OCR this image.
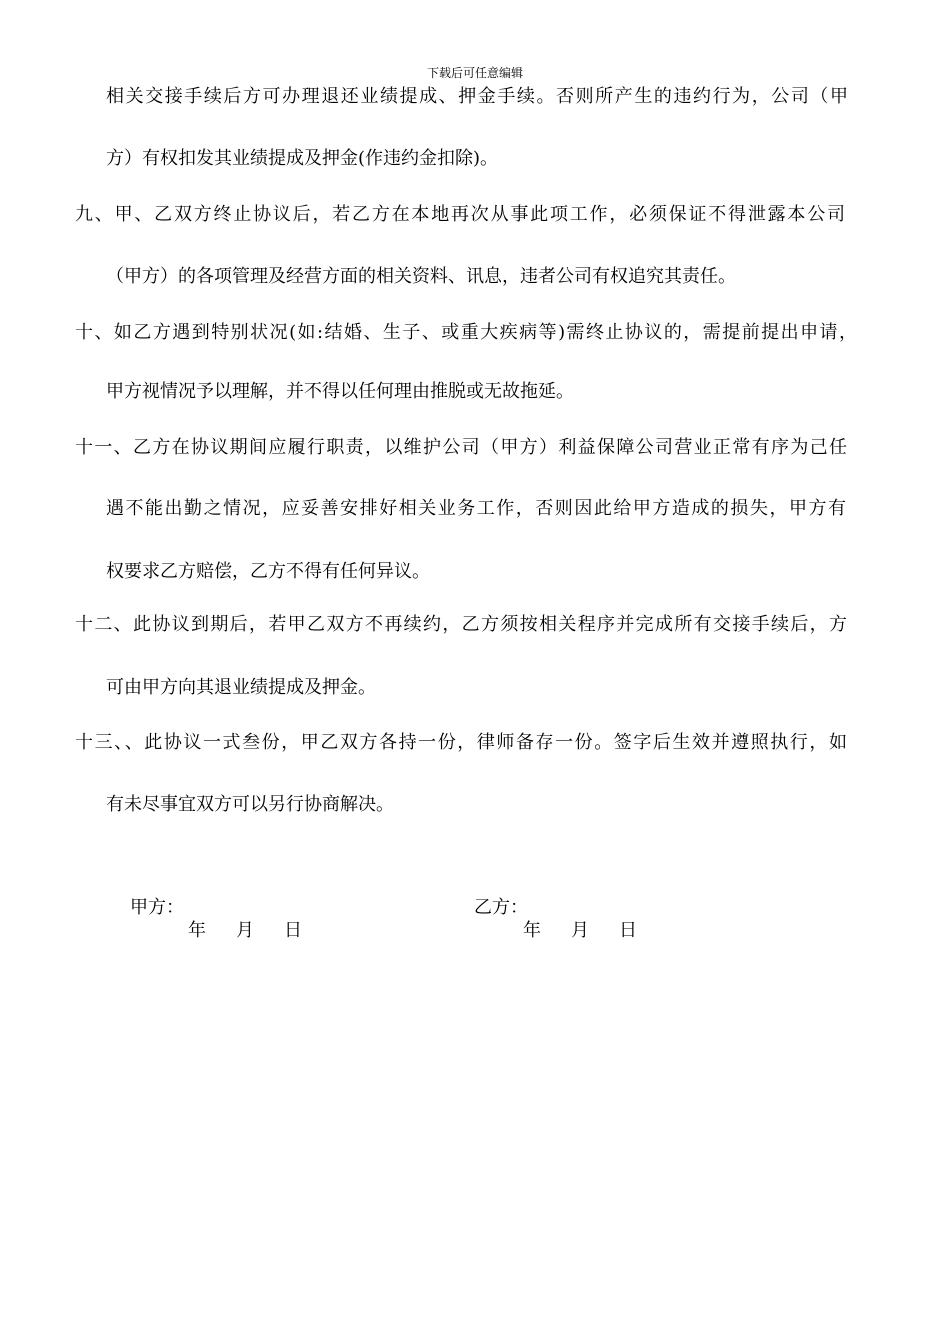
下载后可任意编辑
相关交接手续后方可办理退还业绩提成、押金手续。否则所产生的违约行为，公司（甲
方）有权扣发其业绩提成及押金(作违约金扣除)。
九、甲、乙双方终止协议后，若乙方在本地再次从事此项工作，必须保证不得泄露本公司
（甲方）的各项管理及经营方面的相关资料、讯息，违者公司有权追究其责任。
十、如乙方遇到特别状况(如:结婚、生子、或重大疾病等)需终止协议的，需提前提出申请，
甲方视情况予以理解，并不得以任何理由推脱或无故拖延。
十一、乙方在协议期间应履行职责，以维护公司（甲方）利益保障公司营业正常有序为己任
遇不能出勤之情况，应妥善安排好相关业务工作，否则因此给甲方造成的损失，甲方有
权要求乙方赔偿，乙方不得有任何异议。
十二、此协议到期后，若甲乙双方不再续约，乙方须按相关程序并完成所有交接手续后，方
可由甲方向其退业绩提成及押金。
十三、、此协议一式叁份，甲乙双方各持一份，律师备存一份。签字后生效并遵照执行，如
有未尽事宜双方可以另行协商解决。
甲方：	乙方：
年 月 日	年 月 日
